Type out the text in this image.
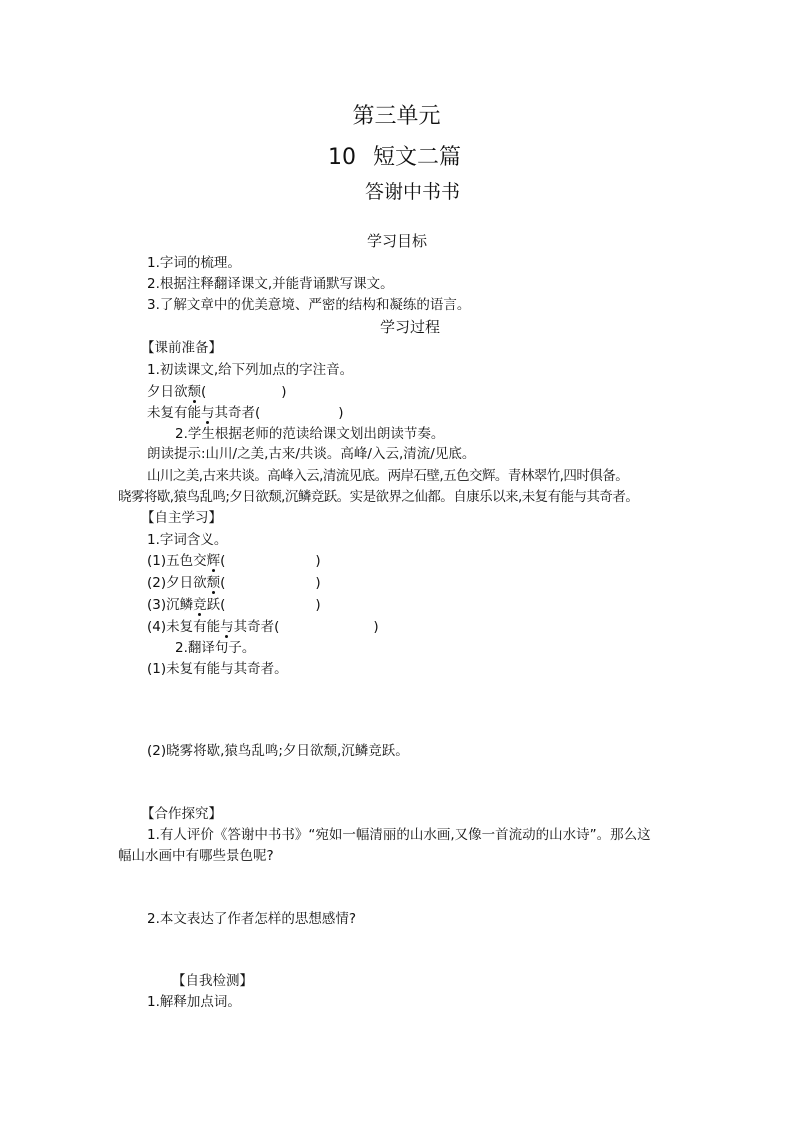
第三单元
10 短文二篇
答谢中书书
学习目标
1.字词的梳理。
2.根据注释翻译课文,并能背诵默写课文。
3.了解文章中的优美意境、严密的结构和凝练的语言。
学习过程
【课前准备】
1.初读课文,给下列加点的字注音。
夕日欲颓(	)
未复有能与其奇者(	)
2.学生根据老师的范读给课文划出朗读节奏。
朗读提示:山川/之美,古来/共谈。高峰/入云,清流/见底。
山川之美,古来共谈。高峰入云,清流见底。两岸石壁,五色交辉。青林翠竹,四时俱备。
晓雾将歇,猿鸟乱鸣;夕日欲颓,沉鳞竞跃。实是欲界之仙都。自康乐以来,未复有能与其奇者。
【自主学习】
1.字词含义。
(1)五色交辉(	)
(2)夕日欲颓(	)
(3)沉鳞竞跃(	)
(4)未复有能与其奇者(	)
2.翻译句子。
(1)未复有能与其奇者。
(2)晓雾将歇,猿鸟乱鸣;夕日欲颓,沉鳞竞跃。
【合作探究】
1.有人评价《答谢中书书》“宛如一幅清丽的山水画,又像一首流动的山水诗”。那么这
幅山水画中有哪些景色呢?
2.本文表达了作者怎样的思想感情?
【自我检测】
1.解释加点词。
